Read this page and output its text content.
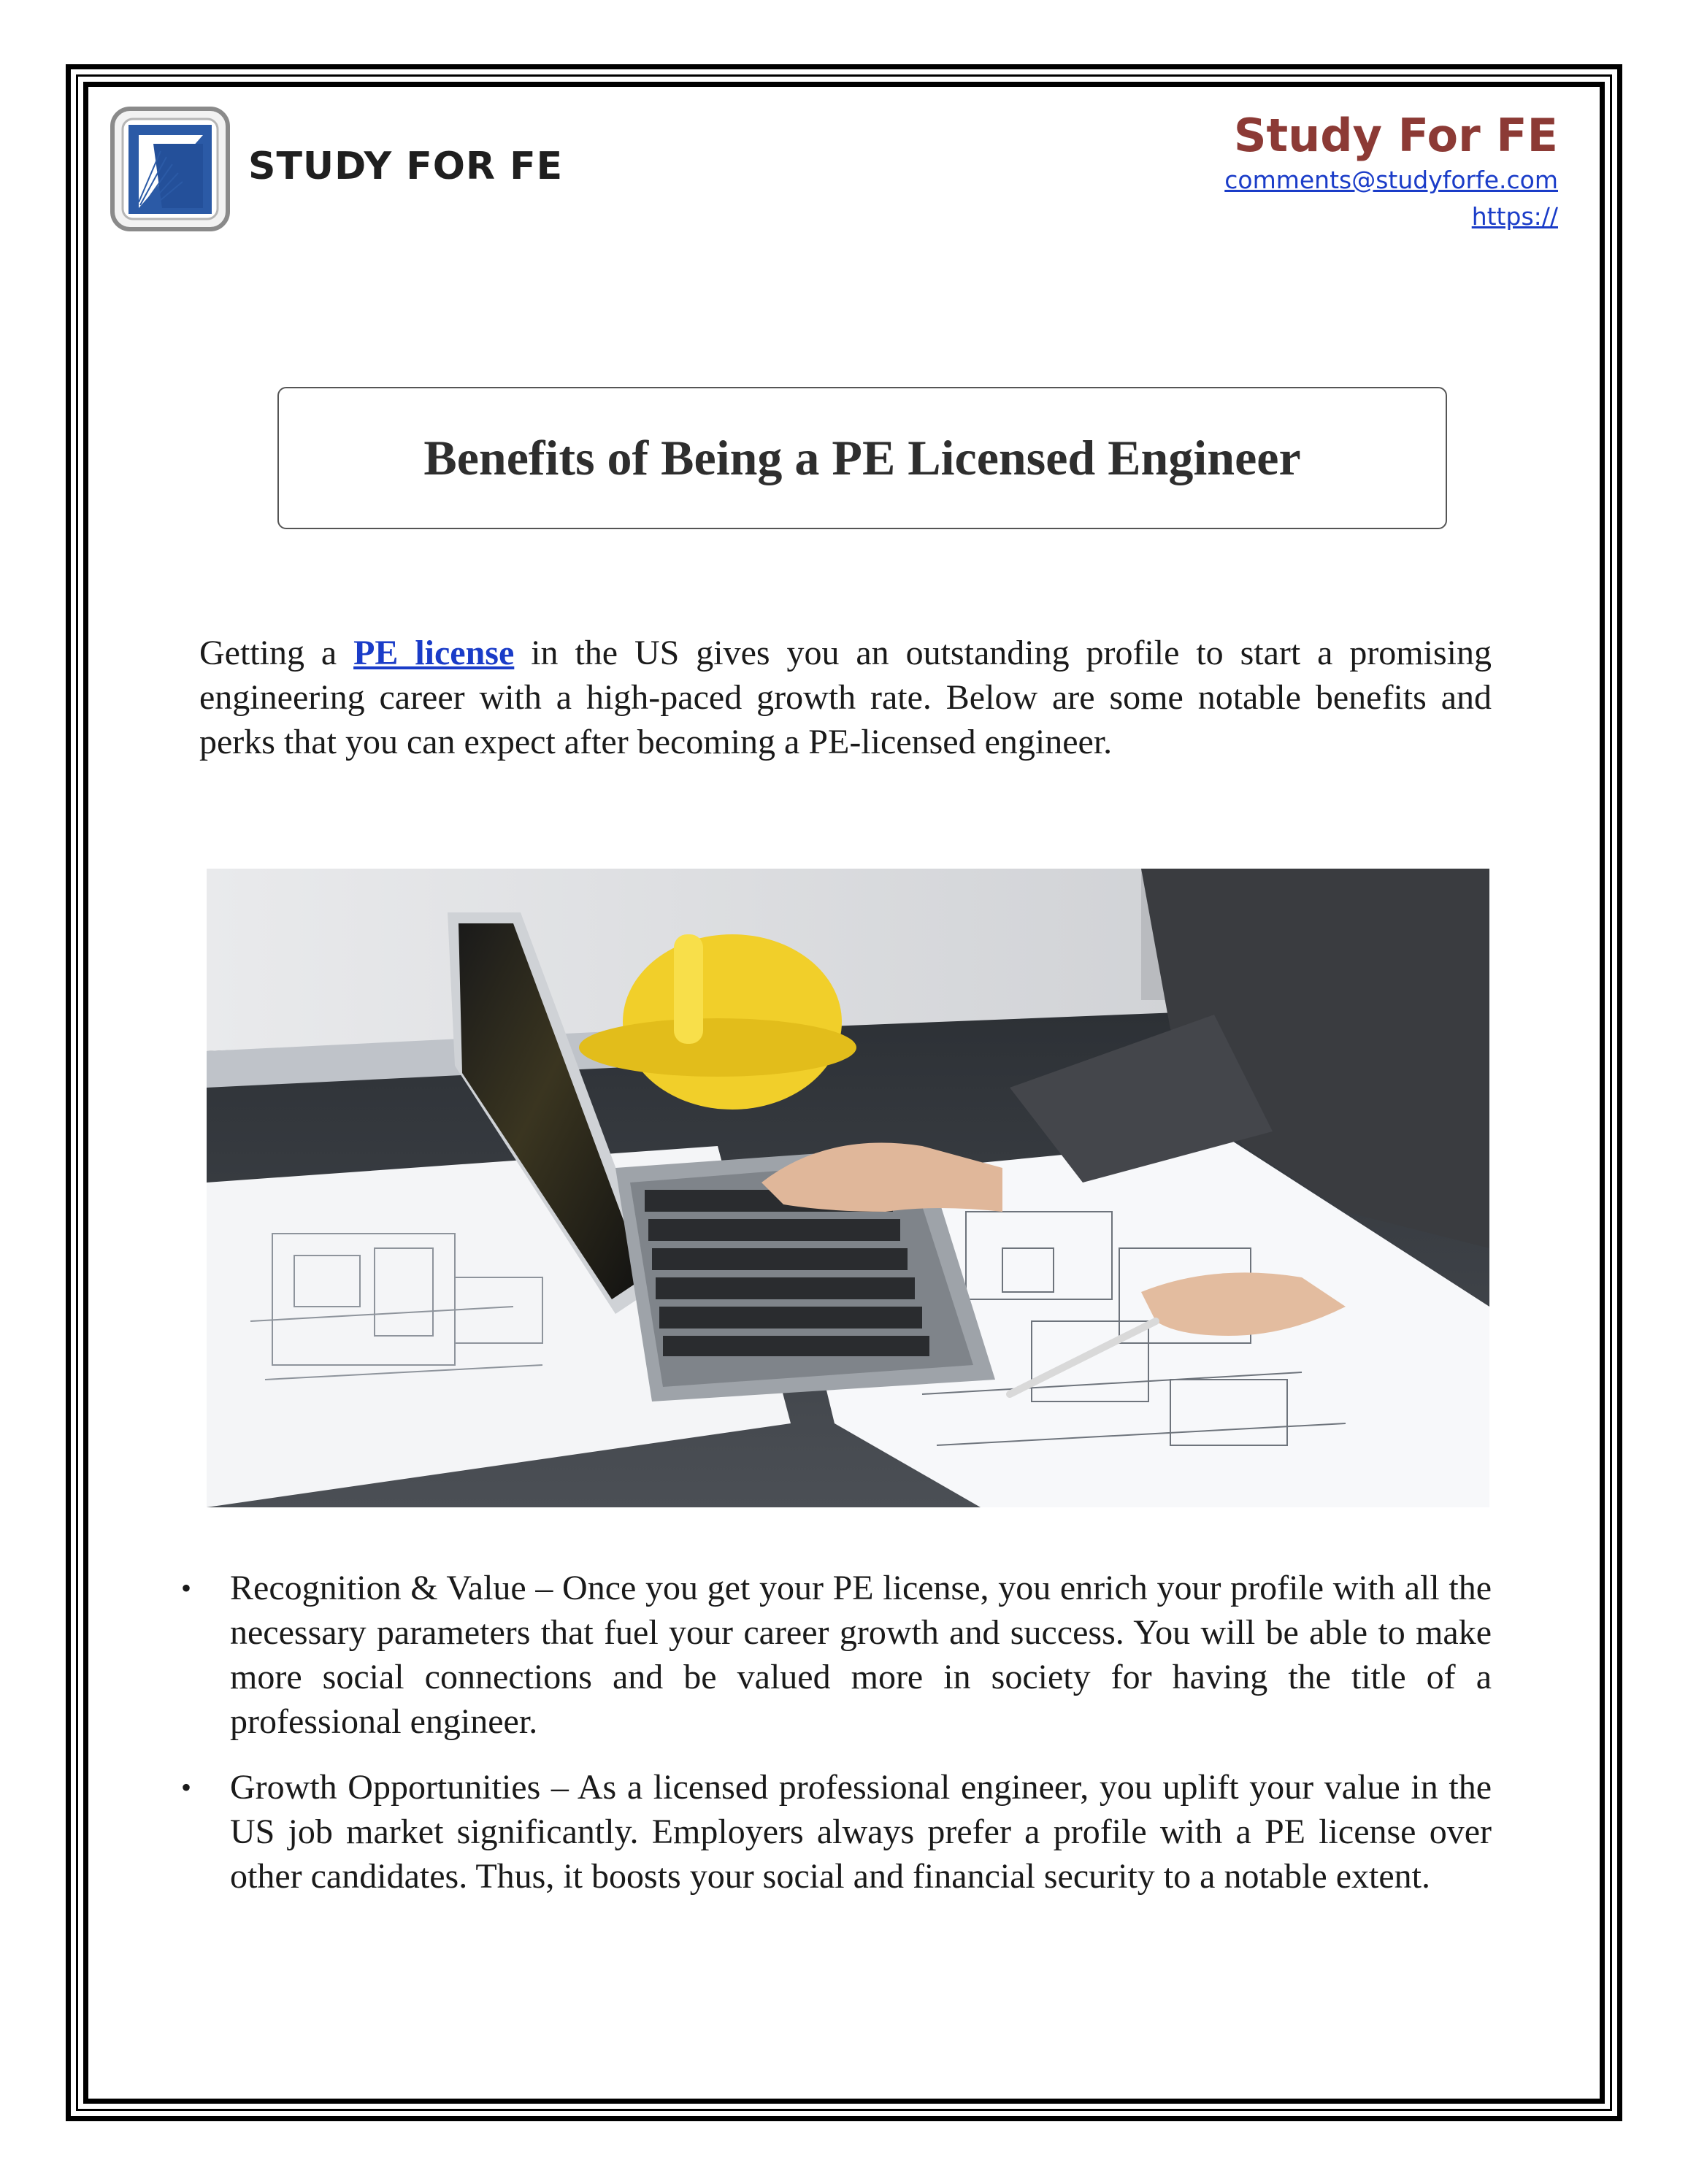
STUDY FOR FE
Study For FE
comments@studyforfe.com
https://
Benefits of Being a PE Licensed Engineer

Getting a PE license in the US gives you an outstanding profile to start a promising engineering career with a high-paced growth rate. Below are some notable benefits and perks that you can expect after becoming a PE-licensed engineer.

• Recognition & Value – Once you get your PE license, you enrich your profile with all the necessary parameters that fuel your career growth and success. You will be able to make more social connections and be valued more in society for having the title of a professional engineer.
• Growth Opportunities – As a licensed professional engineer, you uplift your value in the US job market significantly. Employers always prefer a profile with a PE license over other candidates. Thus, it boosts your social and financial security to a notable extent.
